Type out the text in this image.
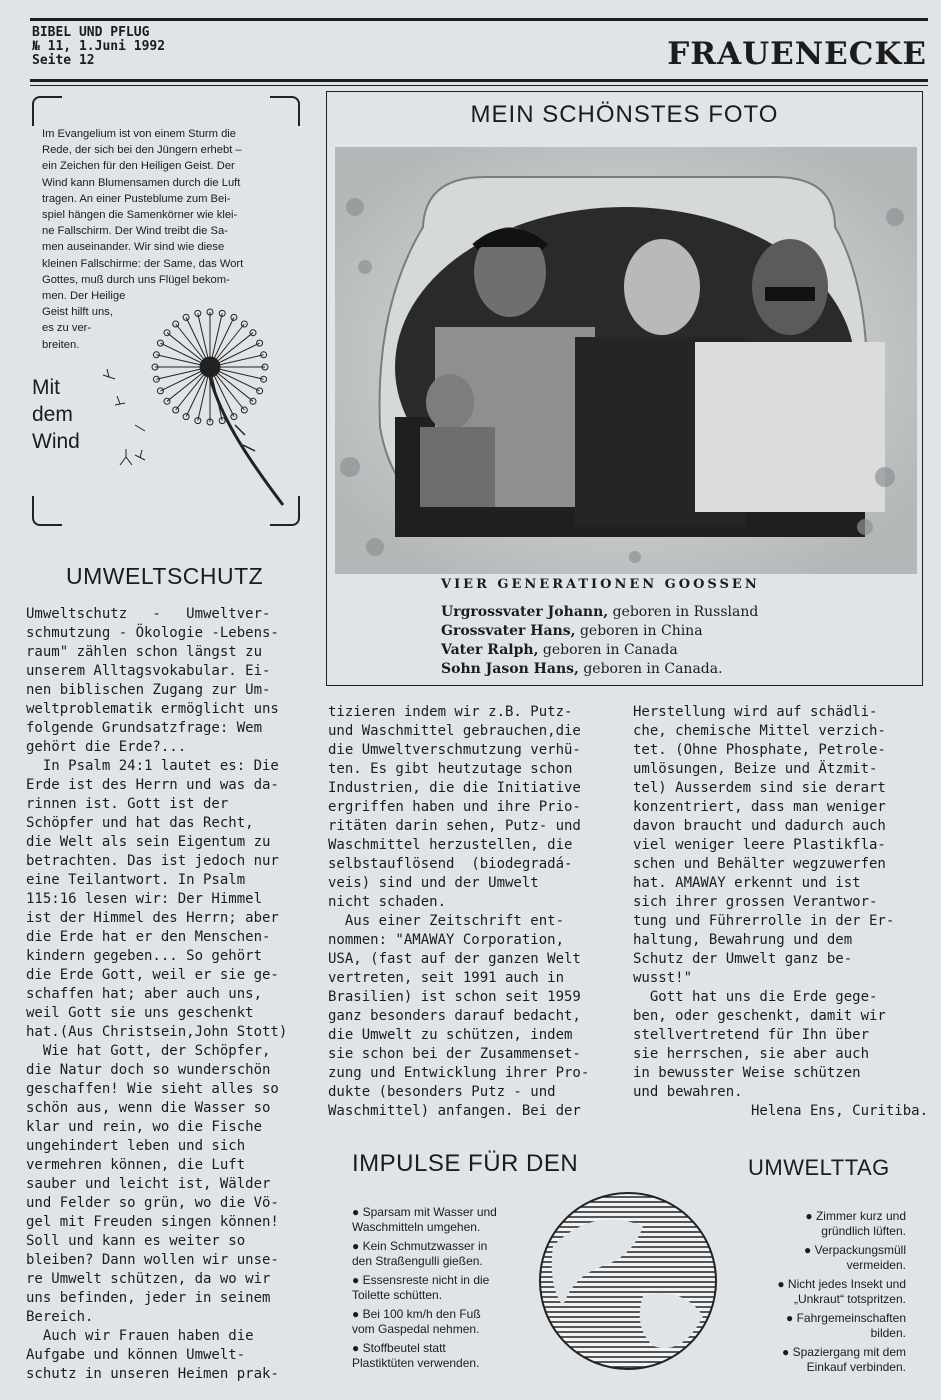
BIBEL UND PFLUG
№ 11, 1.Juni 1992
Seite 12	FRAUENECKE
Im Evangelium ist von einem Sturm die
Rede, der sich bei den Jüngern erhebt –
ein Zeichen für den Heiligen Geist. Der
Wind kann Blumensamen durch die Luft
tragen. An einer Pusteblume zum Bei-
spiel hängen die Samenkörner wie klei-
ne Fallschirm. Der Wind treibt die Sa-
men auseinander. Wir sind wie diese
kleinen Fallschirme: der Same, das Wort
Gottes, muß durch uns Flügel bekom-
men. Der Heilige
Geist hilft uns,
es zu ver-
breiten.
Mit
dem
Wind
MEIN SCHÖNSTES FOTO
VIER GENERATIONEN GOOSSEN
Urgrossvater Johann, geboren in Russland
Grossvater Hans, geboren in China
Vater Ralph, geboren in Canada
Sohn Jason Hans, geboren in Canada.
UMWELTSCHUTZ
Umweltschutz   -   Umweltver-
schmutzung - Ökologie -Lebens-
raum" zählen schon längst zu
unserem Alltagsvokabular. Ei-
nen biblischen Zugang zur Um-
weltproblematik ermöglicht uns
folgende Grundsatzfrage: Wem
gehört die Erde?...
In Psalm 24:1 lautet es: Die
Erde ist des Herrn und was da-
rinnen ist. Gott ist der
Schöpfer und hat das Recht,
die Welt als sein Eigentum zu
betrachten. Das ist jedoch nur
eine Teilantwort. In Psalm
115:16 lesen wir: Der Himmel
ist der Himmel des Herrn; aber
die Erde hat er den Menschen-
kindern gegeben... So gehört
die Erde Gott, weil er sie ge-
schaffen hat; aber auch uns,
weil Gott sie uns geschenkt
hat.(Aus Christsein,John Stott)
Wie hat Gott, der Schöpfer,
die Natur doch so wunderschön
geschaffen! Wie sieht alles so
schön aus, wenn die Wasser so
klar und rein, wo die Fische
ungehindert leben und sich
vermehren können, die Luft
sauber und leicht ist, Wälder
und Felder so grün, wo die Vö-
gel mit Freuden singen können!
Soll und kann es weiter so
bleiben? Dann wollen wir unse-
re Umwelt schützen, da wo wir
uns befinden, jeder in seinem
Bereich.
Auch wir Frauen haben die
Aufgabe und können Umwelt-
schutz in unseren Heimen prak-
tizieren indem wir z.B. Putz-
und Waschmittel gebrauchen,die
die Umweltverschmutzung verhü-
ten. Es gibt heutzutage schon
Industrien, die die Initiative
ergriffen haben und ihre Prio-
ritäten darin sehen, Putz- und
Waschmittel herzustellen, die
selbstauflösend  (biodegradá-
veis) sind und der Umwelt
nicht schaden.
Aus einer Zeitschrift ent-
nommen: "AMAWAY Corporation,
USA, (fast auf der ganzen Welt
vertreten, seit 1991 auch in
Brasilien) ist schon seit 1959
ganz besonders darauf bedacht,
die Umwelt zu schützen, indem
sie schon bei der Zusammenset-
zung und Entwicklung ihrer Pro-
dukte (besonders Putz - und
Waschmittel) anfangen. Bei der
Herstellung wird auf schädli-
che, chemische Mittel verzich-
tet. (Ohne Phosphate, Petrole-
umlösungen, Beize und Ätzmit-
tel) Ausserdem sind sie derart
konzentriert, dass man weniger
davon braucht und dadurch auch
viel weniger leere Plastikfla-
schen und Behälter wegzuwerfen
hat. AMAWAY erkennt und ist
sich ihrer grossen Verantwor-
tung und Führerrolle in der Er-
haltung, Bewahrung und dem
Schutz der Umwelt ganz be-
wusst!"
Gott hat uns die Erde gege-
ben, oder geschenkt, damit wir
stellvertretend für Ihn über
sie herrschen, sie aber auch
in bewusster Weise schützen
und bewahren.
Helena Ens, Curitiba.
IMPULSE FÜR DEN	UMWELTTAG
● Sparsam mit Wasser und
Waschmitteln umgehen.
● Kein Schmutzwasser in
den Straßengulli gießen.
● Essensreste nicht in die
Toilette schütten.
● Bei 100 km/h den Fuß
vom Gaspedal nehmen.
● Stoffbeutel statt
Plastiktüten verwenden.
● Zimmer kurz und
gründlich lüften.
● Verpackungsmüll
vermeiden.
● Nicht jedes Insekt und
„Unkraut“ totspritzen.
● Fahrgemeinschaften
bilden.
● Spaziergang mit dem
Einkauf verbinden.
